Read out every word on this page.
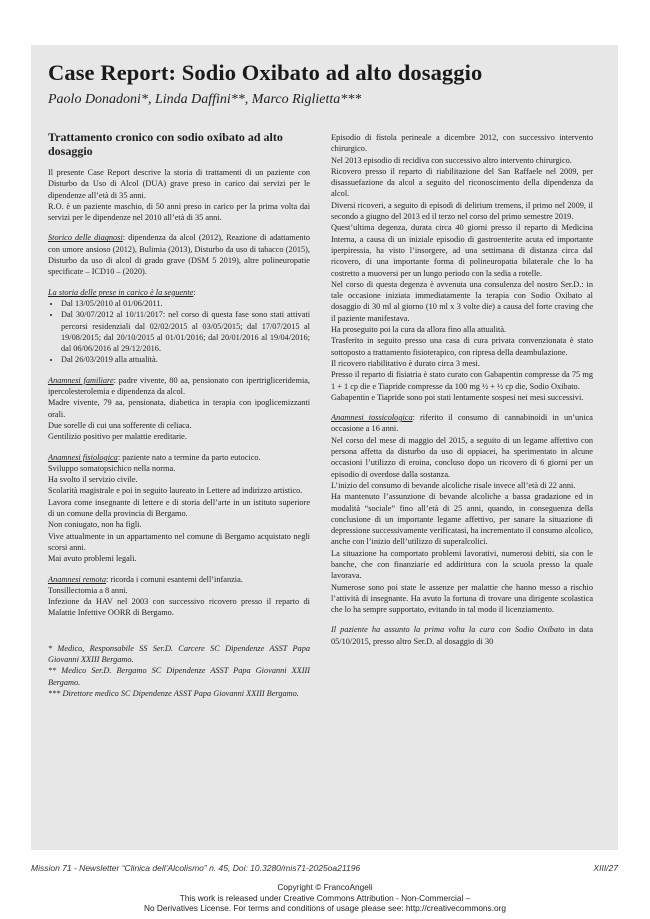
Case Report: Sodio Oxibato ad alto dosaggio
Paolo Donadoni*, Linda Daffini**, Marco Riglietta***
Trattamento cronico con sodio oxibato ad alto dosaggio

Il presente Case Report descrive la storia di trattamenti di un paziente con Disturbo da Uso di Alcol (DUA) grave preso in carico dai servizi per le dipendenze all’età di 35 anni.

R.O. è un paziente maschio, di 50 anni preso in carico per la prima volta dai servizi per le dipendenze nel 2010 all’età di 35 anni.

Storico delle diagnosi: dipendenza da alcol (2012), Reazione di adattamento con umore ansioso (2012), Bulimia (2013), Disturbo da uso di tabacco (2015), Disturbo da uso di alcol di grado grave (DSM 5 2019), altre polineuropatie specificate – ICD10 – (2020).

La storia delle prese in carico è la seguente:

• Dal 13/05/2010 al 01/06/2011.
• Dal 30/07/2012 al 10/11/2017: nel corso di questa fase sono stati attivati percorsi residenziali dal 02/02/2015 al 03/05/2015; dal 17/07/2015 al 19/08/2015; dal 20/10/2015 al 01/01/2016; dal 20/01/2016 al 19/04/2016; dal 06/06/2016 al 29/12/2016.
• Dal 26/03/2019 alla attualità.

Anamnesi familiare: padre vivente, 80 aa, pensionato con ipertrigliceridemia, ipercolesterolemia e dipendenza da alcol.

Madre vivente, 79 aa, pensionata, diabetica in terapia con ipoglicemizzanti orali.

Due sorelle di cui una sofferente di celiaca.

Gentilizio positivo per malattie ereditarie.

Anamnesi fisiologica: paziente nato a termine da parto eutocico.

Sviluppo somatopsichico nella norma.

Ha svolto il servizio civile.

Scolarità magistrale e poi in seguito laureato in Lettere ad indirizzo artistico.

Lavora come insegnante di lettere e di storia dell’arte in un istituto superiore di un comune della provincia di Bergamo.

Non coniugato, non ha figli.

Vive attualmente in un appartamento nel comune di Bergamo acquistato negli scorsi anni.

Mai avuto problemi legali.

Anamnesi remota: ricorda i comuni esantemi dell’infanzia.

Tonsillectomia a 8 anni.

Infezione da HAV nel 2003 con successivo ricovero presso il reparto di Malattie Infettive OORR di Bergamo.

* Medico, Responsabile SS Ser.D. Carcere SC Dipendenze ASST Papa Giovanni XXIII Bergamo.

** Medico Ser.D. Bergamo SC Dipendenze ASST Papa Giovanni XXIII Bergamo.

*** Direttore medico SC Dipendenze ASST Papa Giovanni XXIII Bergamo.

Episodio di fistola perineale a dicembre 2012, con successivo intervento chirurgico.

Nel 2013 episodio di recidiva con successivo altro intervento chirurgico.

Ricovero presso il reparto di riabilitazione del San Raffaele nel 2009, per disassuefazione da alcol a seguito del riconoscimento della dipendenza da alcol.

Diversi ricoveri, a seguito di episodi di delirium tremens, il primo nel 2009, il secondo a giugno del 2013 ed il terzo nel corso del primo semestre 2019.

Quest’ultima degenza, durata circa 40 giorni presso il reparto di Medicina Interna, a causa di un iniziale episodio di gastroenterite acuta ed importante iperpiressia, ha visto l’insorgere, ad una settimana di distanza circa dal ricovero, di una importante forma di polineuropatia bilaterale che lo ha costretto a muoversi per un lungo periodo con la sedia a rotelle.

Nel corso di questa degenza è avvenuta una consulenza del nostro Ser.D.: in tale occasione iniziata immediatamente la terapia con Sodio Oxibato al dosaggio di 30 ml al giorno (10 ml x 3 volte die) a causa del forte craving che il paziente manifestava.

Ha proseguito poi la cura da allora fino alla attualità.

Trasferito in seguito presso una casa di cura privata convenzionata è stato sottoposto a trattamento fisioterapico, con ripresa della deambulazione.

Il ricovero riabilitativo è durato circa 3 mesi.

Presso il reparto di fisiatria è stato curato con Gabapentin compresse da 75 mg 1 + 1 cp die e Tiapride compresse da 100 mg ½ + ½ cp die, Sodio Oxibato.

Gabapentin e Tiapride sono poi stati lentamente sospesi nei mesi successivi.

Anamnesi tossicologica: riferito il consumo di cannabinoidi in un’unica occasione a 16 anni.

Nel corso del mese di maggio del 2015, a seguito di un legame affettivo con persona affetta da disturbo da uso di oppiacei, ha sperimentato in alcune occasioni l’utilizzo di eroina, concluso dopo un ricovero di 6 giorni per un episodio di overdose dalla sostanza.

L’inizio del consumo di bevande alcoliche risale invece all’età di 22 anni.

Ha mantenuto l’assunzione di bevande alcoliche a bassa gradazione ed in modalità “sociale” fino all’età di 25 anni, quando, in conseguenza della conclusione di un importante legame affettivo, per sanare la situazione di depressione successivamente verificatasi, ha incrementato il consumo alcolico, anche con l’inizio dell’utilizzo di superalcolici.

La situazione ha comportato problemi lavorativi, numerosi debiti, sia con le banche, che con finanziarie ed addirittura con la scuola presso la quale lavorava.

Numerose sono poi state le assenze per malattie che hanno messo a rischio l’attività di insegnante. Ha avuto la fortuna di trovare una dirigente scolastica che lo ha sempre supportato, evitando in tal modo il licenziamento.

Il paziente ha assunto la prima volta la cura con Sodio Oxibato in data 05/10/2015, presso altro Ser.D. al dosaggio di 30

Mission 71 - Newsletter “Clinica dell’Alcolismo” n. 45, Doi: 10.3280/mis71-2025oa21196	XIII/27
Copyright © FrancoAngeli
This work is released under Creative Commons Attribution - Non-Commercial –
No Derivatives License. For terms and conditions of usage please see: http://creativecommons.org
